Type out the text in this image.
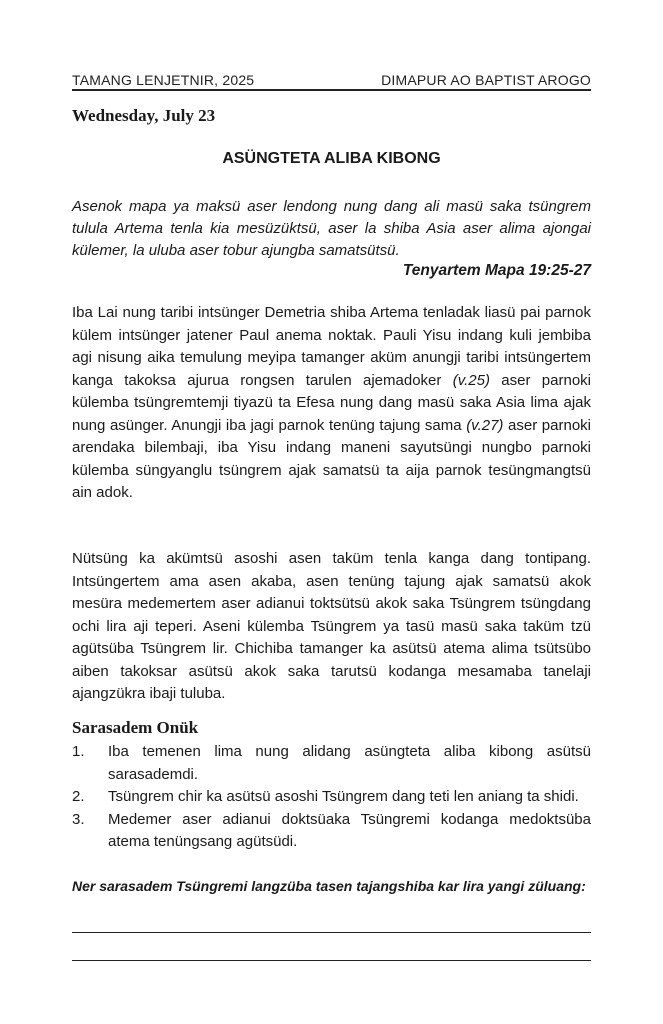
TAMANG LENJETNIR, 2025	DIMAPUR AO BAPTIST AROGO
Wednesday, July 23
ASÜNGTETA ALIBA KIBONG
Asenok mapa ya maksü aser lendong nung dang ali masü saka tsüngrem tulula Artema tenla kia mesüzüktsü, aser la shiba Asia aser alima ajongai külemer, la uluba aser tobur ajungba samatsütsü.
Tenyartem Mapa 19:25-27
Iba Lai nung taribi intsünger Demetria shiba Artema tenladak liasü pai parnok külem intsünger jatener Paul anema noktak. Pauli Yisu indang kuli jembiba agi nisung aika temulung meyipa tamanger aküm anungji taribi intsüngertem kanga takoksa ajurua rongsen tarulen ajemadoker (v.25) aser parnoki külemba tsüngremtemji tiyazü ta Efesa nung dang masü saka Asia lima ajak nung asünger. Anungji iba jagi parnok tenüng tajung sama (v.27) aser parnoki arendaka bilembaji, iba Yisu indang maneni sayutsüngi nungbo parnoki külemba süngyanglu tsüngrem ajak samatsü ta aija parnok tesüngmangtsü ain adok.
Nütsüng ka akümtsü asoshi asen taküm tenla kanga dang tontipang. Intsüngertem ama asen akaba, asen tenüng tajung ajak samatsü akok mesüra medemertem aser adianui toktsütsü akok saka Tsüngrem tsüngdang ochi lira aji teperi. Aseni külemba Tsüngrem ya tasü masü saka taküm tzü agütsüba Tsüngrem lir. Chichiba tamanger ka asütsü atema alima tsütsübo aiben takoksar asütsü akok saka tarutsü kodanga mesamaba tanelaji ajangzükra ibaji tuluba.
Sarasadem Onük
1.	Iba temenen lima nung alidang asüngteta aliba kibong asütsü sarasademdi.
2.	Tsüngrem chir ka asütsü asoshi Tsüngrem dang teti len aniang ta shidi.
3.	Medemer aser adianui doktsüaka Tsüngremi kodanga medoktsüba atema tenüngsang agütsüdi.
Ner sarasadem Tsüngremi langzüba tasen tajangshiba kar lira yangi züluang:
